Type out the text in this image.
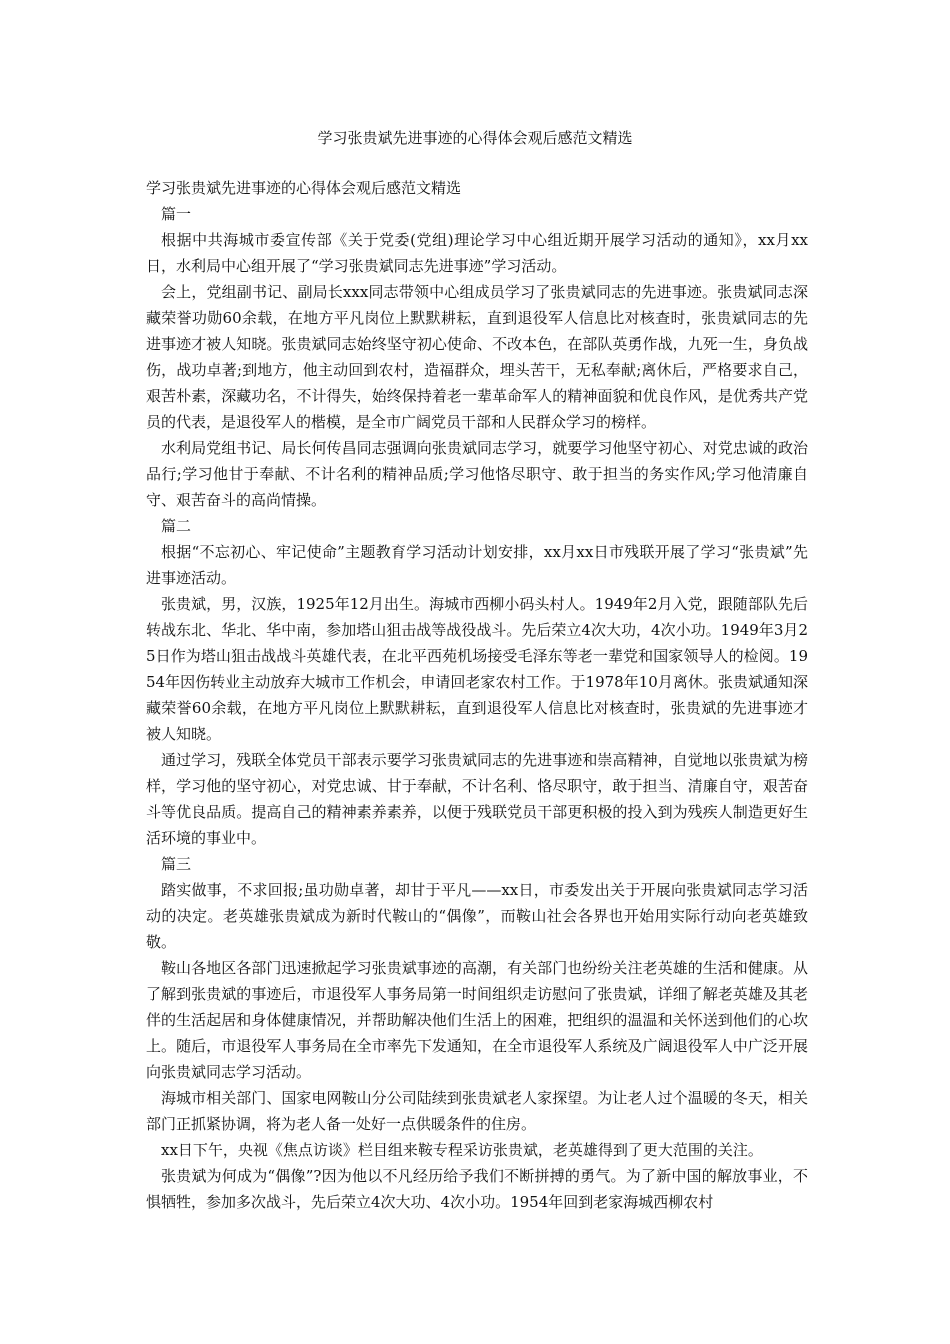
学习张贵斌先进事迹的心得体会观后感范文精选

学习张贵斌先进事迹的心得体会观后感范文精选

篇一

根据中共海城市委宣传部《关于党委(党组)理论学习中心组近期开展学习活动的通知》，xx月xx日，水利局中心组开展了“学习张贵斌同志先进事迹”学习活动。

会上，党组副书记、副局长xxx同志带领中心组成员学习了张贵斌同志的先进事迹。张贵斌同志深藏荣誉功勋60余载，在地方平凡岗位上默默耕耘，直到退役军人信息比对核查时，张贵斌同志的先进事迹才被人知晓。张贵斌同志始终坚守初心使命、不改本色，在部队英勇作战，九死一生，身负战伤，战功卓著;到地方，他主动回到农村，造福群众，埋头苦干，无私奉献;离休后，严格要求自己，艰苦朴素，深藏功名，不计得失，始终保持着老一辈革命军人的精神面貌和优良作风，是优秀共产党员的代表，是退役军人的楷模，是全市广阔党员干部和人民群众学习的榜样。

水利局党组书记、局长何传昌同志强调向张贵斌同志学习，就要学习他坚守初心、对党忠诚的政治品行;学习他甘于奉献、不计名利的精神品质;学习他恪尽职守、敢于担当的务实作风;学习他清廉自守、艰苦奋斗的高尚情操。

篇二

根据“不忘初心、牢记使命”主题教育学习活动计划安排，xx月xx日市残联开展了学习“张贵斌”先进事迹活动。

张贵斌，男，汉族，1925年12月出生。海城市西柳小码头村人。1949年2月入党，跟随部队先后转战东北、华北、华中南，参加塔山狙击战等战役战斗。先后荣立4次大功，4次小功。1949年3月25日作为塔山狙击战战斗英雄代表，在北平西苑机场接受毛泽东等老一辈党和国家领导人的检阅。1954年因伤转业主动放弃大城市工作机会，申请回老家农村工作。于1978年10月离休。张贵斌通知深藏荣誉60余载，在地方平凡岗位上默默耕耘，直到退役军人信息比对核查时，张贵斌的先进事迹才被人知晓。

通过学习，残联全体党员干部表示要学习张贵斌同志的先进事迹和崇高精神，自觉地以张贵斌为榜样，学习他的坚守初心，对党忠诚、甘于奉献，不计名利、恪尽职守，敢于担当、清廉自守，艰苦奋斗等优良品质。提高自己的精神素养素养，以便于残联党员干部更积极的投入到为残疾人制造更好生活环境的事业中。

篇三

踏实做事，不求回报;虽功勋卓著，却甘于平凡——xx日，市委发出关于开展向张贵斌同志学习活动的决定。老英雄张贵斌成为新时代鞍山的“偶像”，而鞍山社会各界也开始用实际行动向老英雄致敬。

鞍山各地区各部门迅速掀起学习张贵斌事迹的高潮，有关部门也纷纷关注老英雄的生活和健康。从了解到张贵斌的事迹后，市退役军人事务局第一时间组织走访慰问了张贵斌，详细了解老英雄及其老伴的生活起居和身体健康情况，并帮助解决他们生活上的困难，把组织的温温和关怀送到他们的心坎上。随后，市退役军人事务局在全市率先下发通知，在全市退役军人系统及广阔退役军人中广泛开展向张贵斌同志学习活动。

海城市相关部门、国家电网鞍山分公司陆续到张贵斌老人家探望。为让老人过个温暖的冬天，相关部门正抓紧协调，将为老人备一处好一点供暖条件的住房。

xx日下午，央视《焦点访谈》栏目组来鞍专程采访张贵斌，老英雄得到了更大范围的关注。

张贵斌为何成为“偶像”?因为他以不凡经历给予我们不断拼搏的勇气。为了新中国的解放事业，不惧牺牲，参加多次战斗，先后荣立4次大功、4次小功。1954年回到老家海城西柳农村
